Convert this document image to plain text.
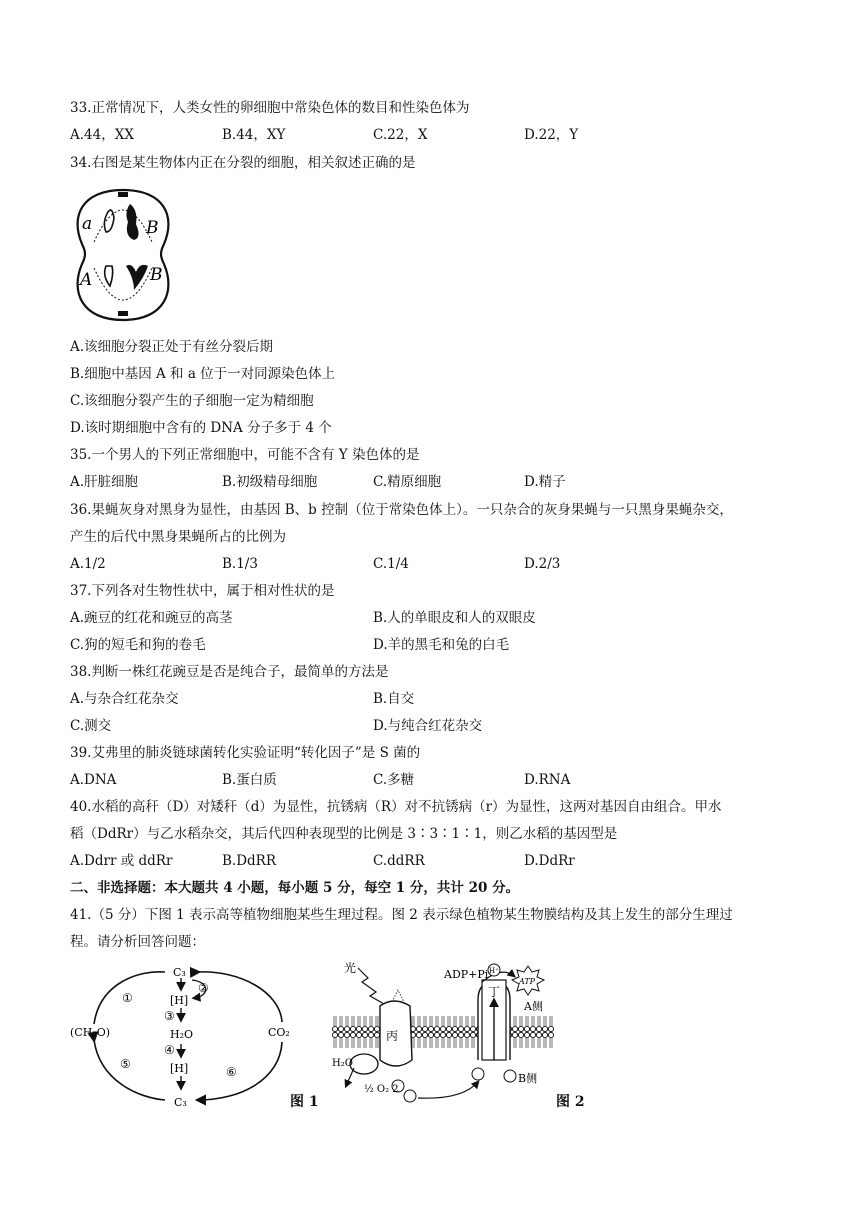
33.正常情况下，人类女性的卵细胞中常染色体的数目和性染色体为
A.44，XX	B.44，XY	C.22，X	D.22，Y
34.右图是某生物体内正在分裂的细胞，相关叙述正确的是
a	B
A	B
A.该细胞分裂正处于有丝分裂后期
B.细胞中基因 A 和 a 位于一对同源染色体上
C.该细胞分裂产生的子细胞一定为精细胞
D.该时期细胞中含有的 DNA 分子多于 4 个
35.一个男人的下列正常细胞中，可能不含有 Y 染色体的是
A.肝脏细胞	B.初级精母细胞	C.精原细胞	D.精子
36.果蝇灰身对黑身为显性，由基因 B、b 控制（位于常染色体上）。一只杂合的灰身果蝇与一只黑身果蝇杂交，
产生的后代中黑身果蝇所占的比例为
A.1/2	B.1/3	C.1/4	D.2/3
37.下列各对生物性状中，属于相对性状的是
A.豌豆的红花和豌豆的高茎	B.人的单眼皮和人的双眼皮
C.狗的短毛和狗的卷毛	D.羊的黑毛和兔的白毛
38.判断一株红花豌豆是否是纯合子，最简单的方法是
A.与杂合红花杂交	B.自交
C.测交	D.与纯合红花杂交
39.艾弗里的肺炎链球菌转化实验证明“转化因子”是 S 菌的
A.DNA	B.蛋白质	C.多糖	D.RNA
40.水稻的高秆（D）对矮秆（d）为显性，抗锈病（R）对不抗锈病（r）为显性，这两对基因自由组合。甲水
稻（DdRr）与乙水稻杂交，其后代四种表现型的比例是 3∶3∶1∶1，则乙水稻的基因型是
A.Ddrr 或 ddRr	B.DdRR	C.ddRR	D.DdRr
二、非选择题：本大题共 4 小题，每小题 5 分，每空 1 分，共计 20 分。
41.（5 分）下图 1 表示高等植物细胞某些生理过程。图 2 表示绿色植物某生物膜结构及其上发生的部分生理过
程。请分析回答问题：
C₃
[H]
H₂O
[H]
C₃
(CH₂O)	CO₂
①
②
③
④
⑤
⑥
图 1
光	ADP+Pi
ATP
H⁺
丙
丁
A侧
B侧
H₂O
½ O₂ 2
图 2
